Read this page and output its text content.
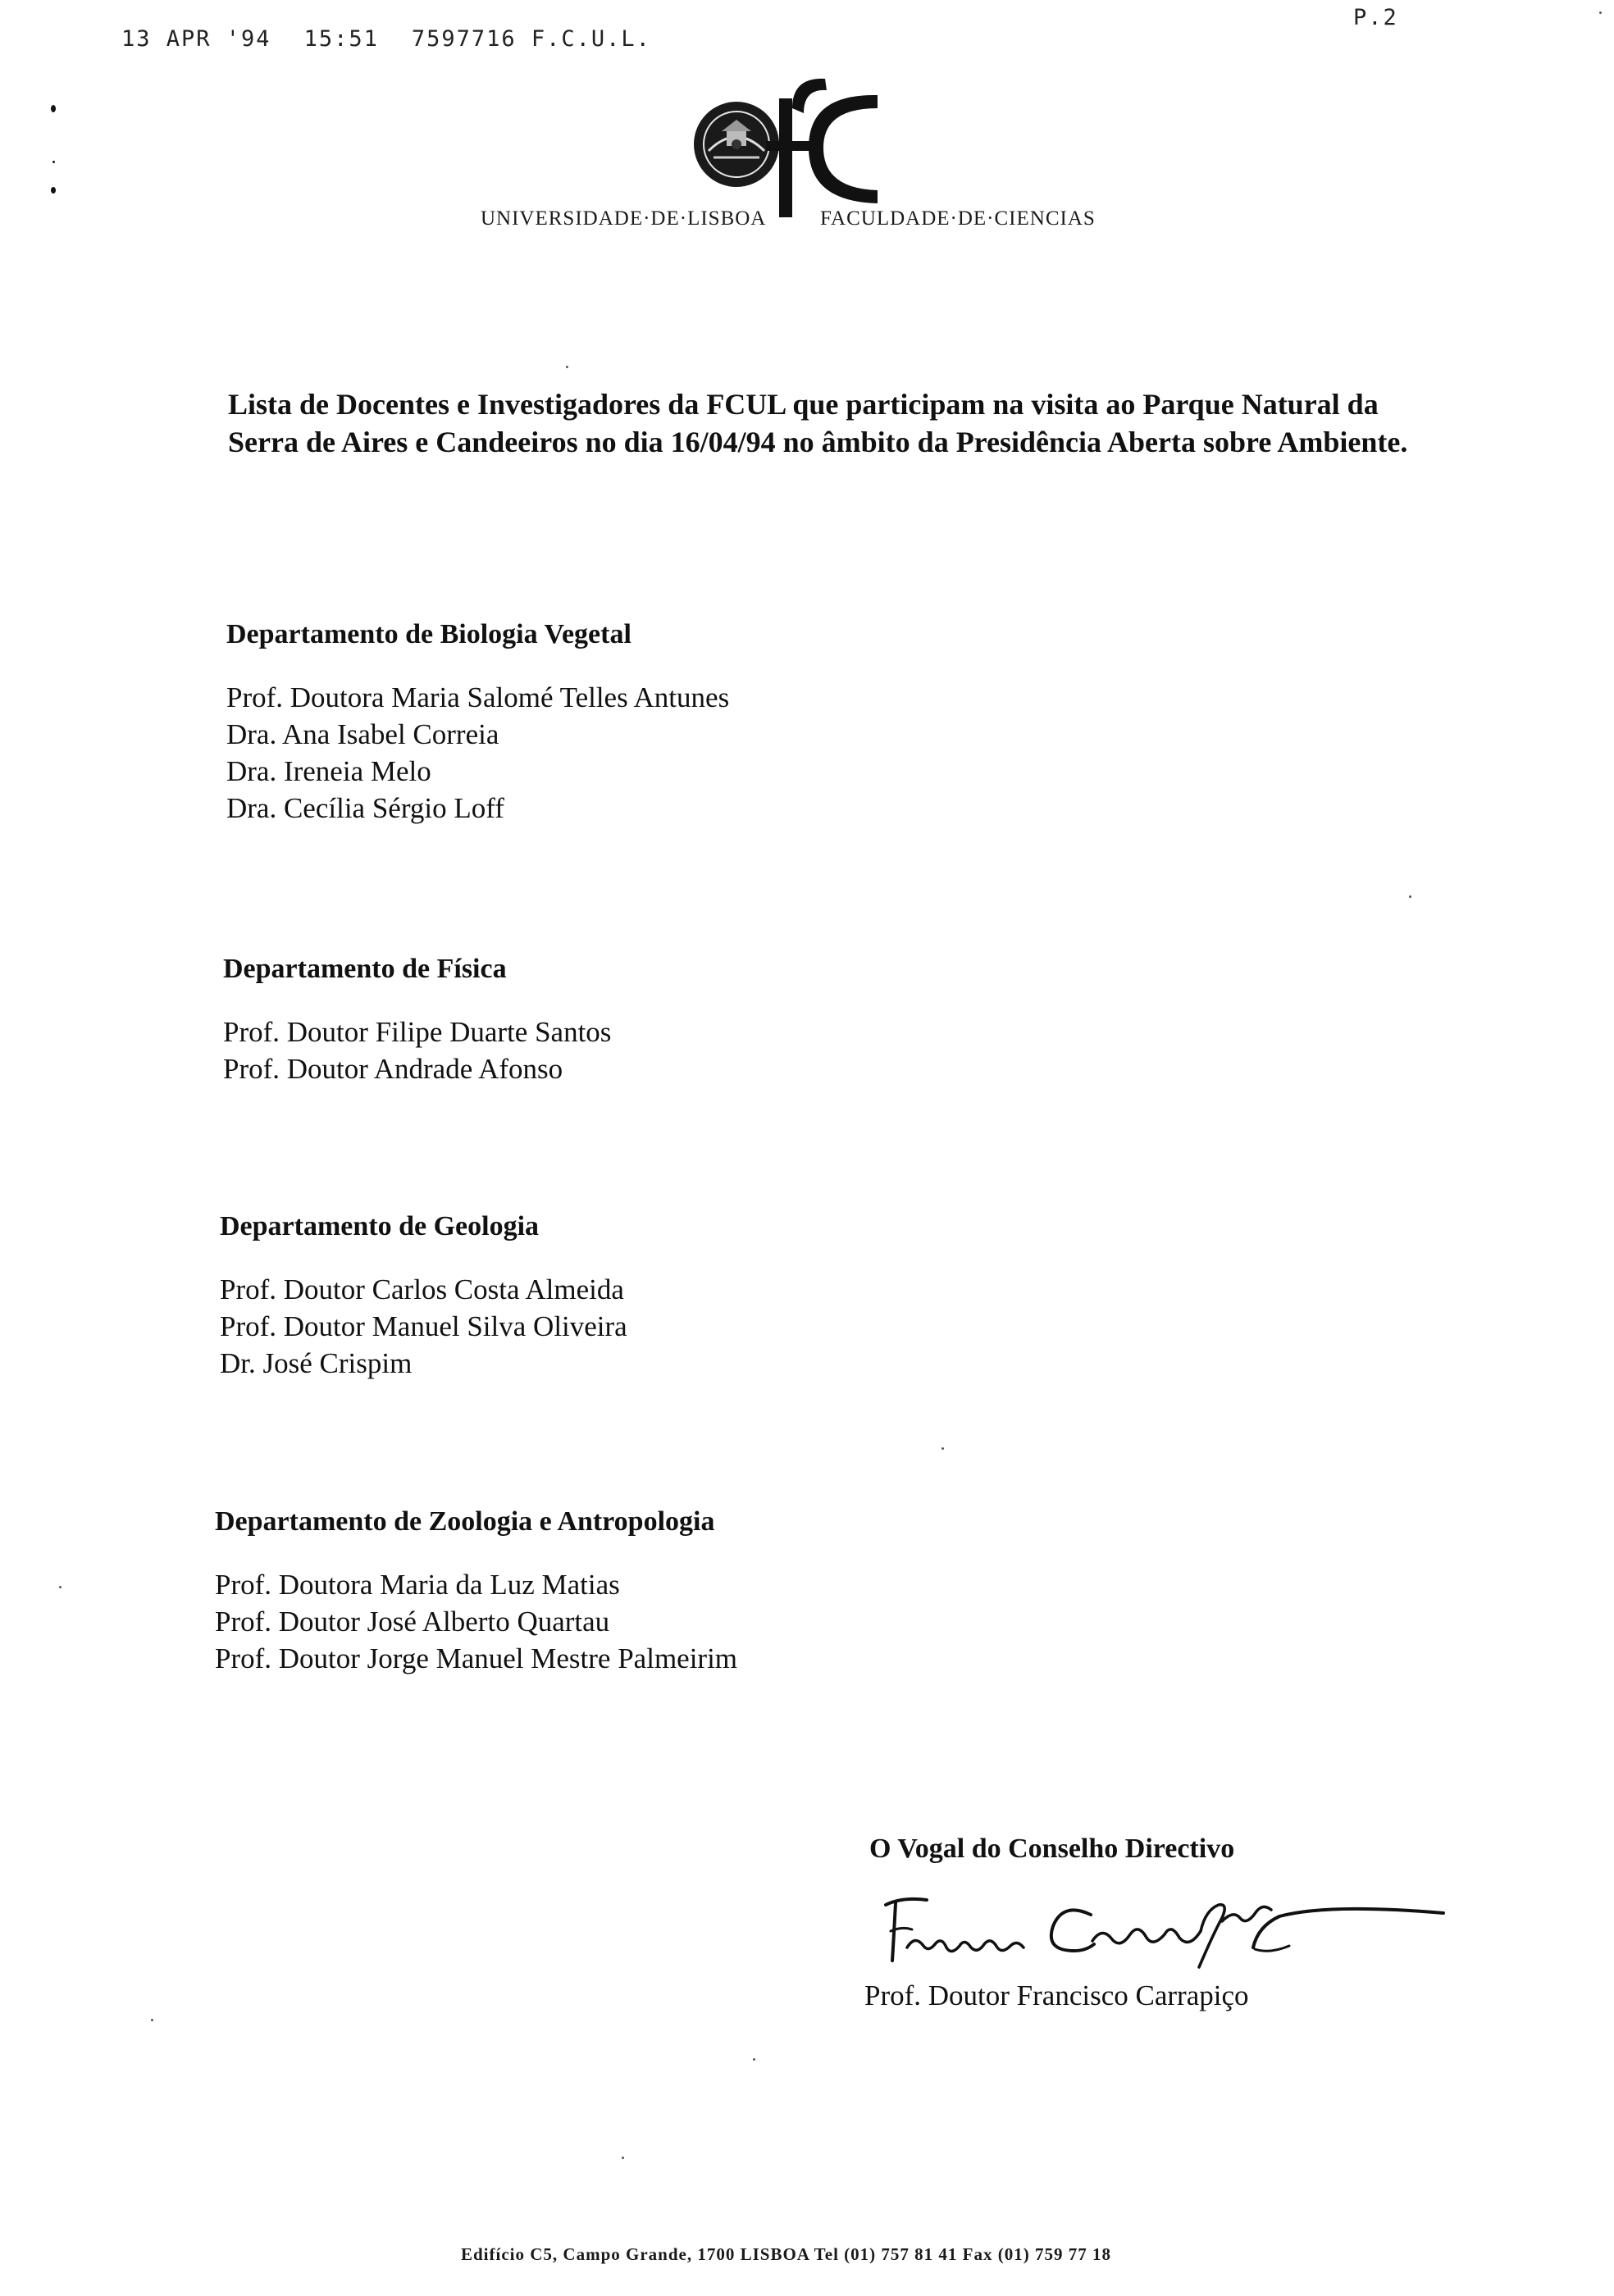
13 APR '94 15:51 7597716 F.C.U.L.
P.2
UNIVERSIDADE·DE·LISBOA	FACULDADE·DE·CIENCIAS

Lista de Docentes e Investigadores da FCUL que participam na visita ao Parque Natural da Serra de Aires e Candeeiros no dia 16/04/94 no âmbito da Presidência Aberta sobre Ambiente.

Departamento de Biologia Vegetal
Prof. Doutora Maria Salomé Telles Antunes
Dra. Ana Isabel Correia
Dra. Ireneia Melo
Dra. Cecília Sérgio Loff
Departamento de Física
Prof. Doutor Filipe Duarte Santos
Prof. Doutor Andrade Afonso
Departamento de Geologia
Prof. Doutor Carlos Costa Almeida
Prof. Doutor Manuel Silva Oliveira
Dr. José Crispim
Departamento de Zoologia e Antropologia
Prof. Doutora Maria da Luz Matias
Prof. Doutor José Alberto Quartau
Prof. Doutor Jorge Manuel Mestre Palmeirim

O Vogal do Conselho Directivo

Prof. Doutor Francisco Carrapiço

Edifício C5, Campo Grande, 1700 LISBOA Tel (01) 757 81 41 Fax (01) 759 77 18
